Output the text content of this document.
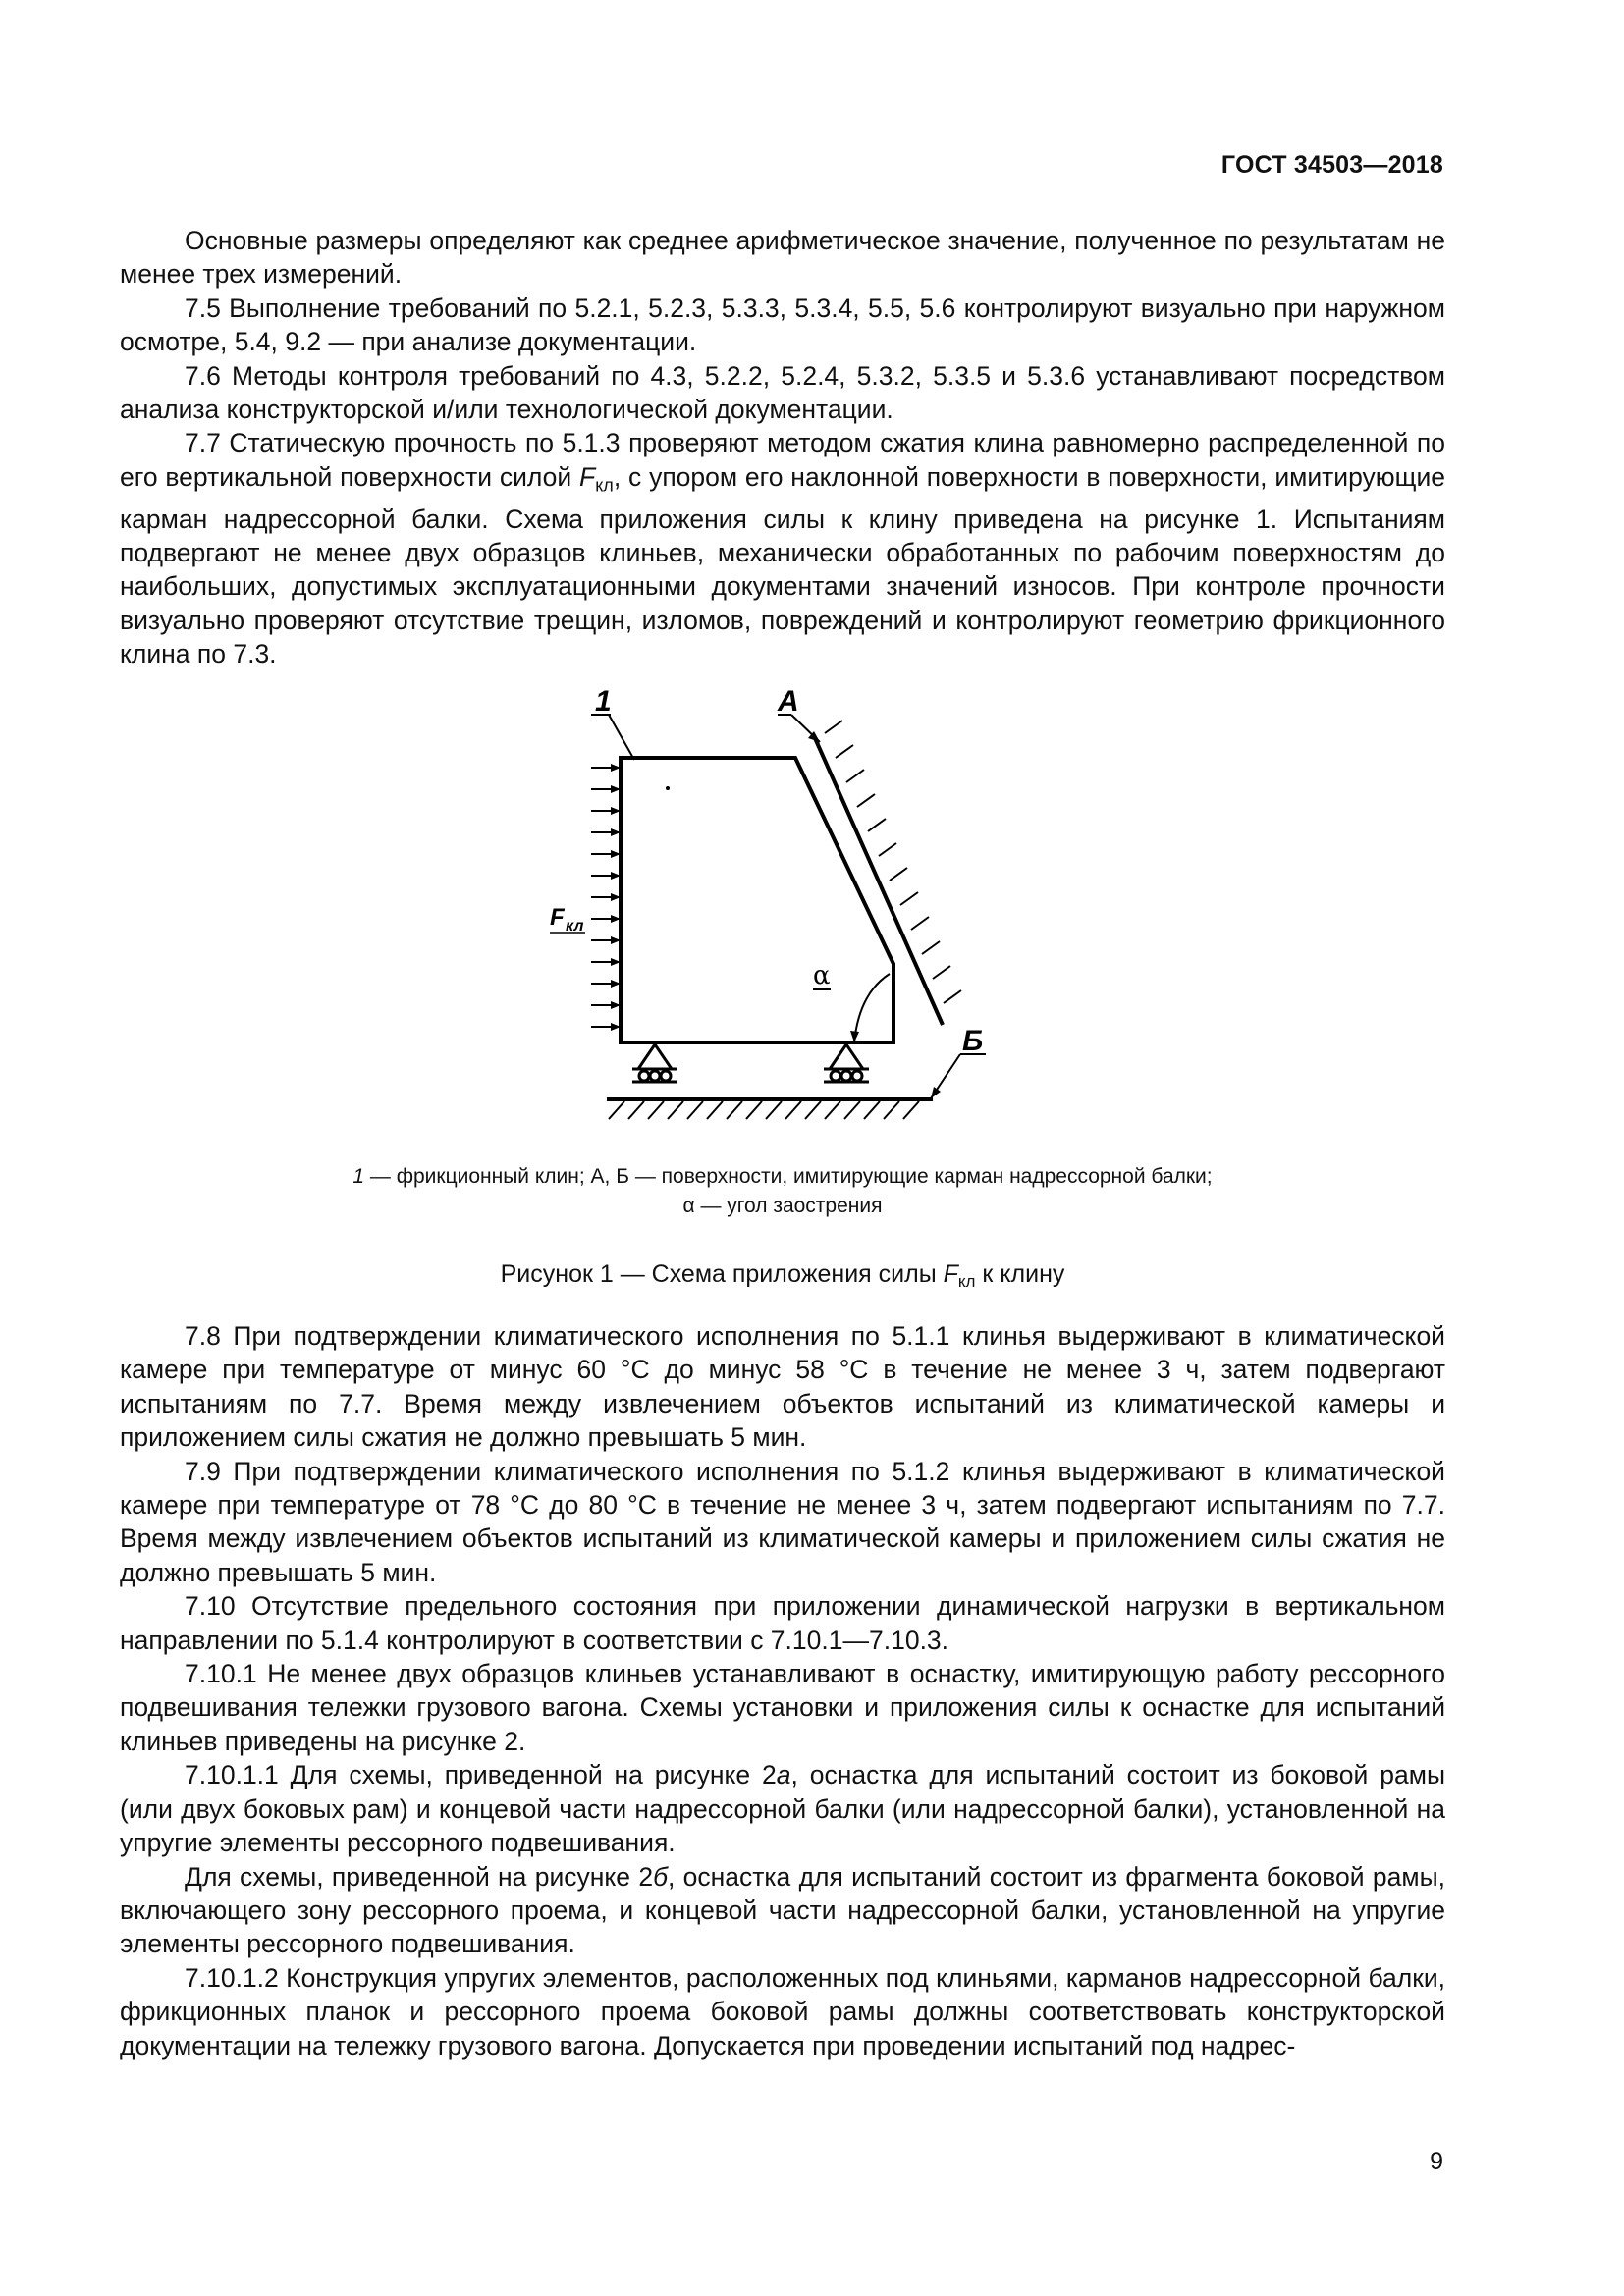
ГОСТ 34503—2018

Основные размеры определяют как среднее арифметическое значение, полученное по результатам не менее трех измерений.

7.5 Выполнение требований по 5.2.1, 5.2.3, 5.3.3, 5.3.4, 5.5, 5.6 контролируют визуально при наружном осмотре, 5.4, 9.2 — при анализе документации.

7.6 Методы контроля требований по 4.3, 5.2.2, 5.2.4, 5.3.2, 5.3.5 и 5.3.6 устанавливают посредством анализа конструкторской и/или технологической документации.

7.7 Статическую прочность по 5.1.3 проверяют методом сжатия клина равномерно распределенной по его вертикальной поверхности силой $F_{кл}$, с упором его наклонной поверхности в поверхности, имитирующие карман надрессорной балки. Схема приложения силы к клину приведена на рисунке 1. Испытаниям подвергают не менее двух образцов клиньев, механически обработанных по рабочим поверхностям до наибольших, допустимых эксплуатационными документами значений износов. При контроле прочности визуально проверяют отсутствие трещин, изломов, повреждений и контролируют геометрию фрикционного клина по 7.3.

1	А
Б
F кл
α
1 — фрикционный клин; А, Б — поверхности, имитирующие карман надрессорной балки;
α — угол заострения
Рисунок 1 — Схема приложения силы $F_{кл}$ к клину

7.8 При подтверждении климатического исполнения по 5.1.1 клинья выдерживают в климатической камере при температуре от минус 60 °С до минус 58 °С в течение не менее 3 ч, затем подвергают испытаниям по 7.7. Время между извлечением объектов испытаний из климатической камеры и приложением силы сжатия не должно превышать 5 мин.

7.9 При подтверждении климатического исполнения по 5.1.2 клинья выдерживают в климатической камере при температуре от 78 °С до 80 °С в течение не менее 3 ч, затем подвергают испытаниям по 7.7. Время между извлечением объектов испытаний из климатической камеры и приложением силы сжатия не должно превышать 5 мин.

7.10 Отсутствие предельного состояния при приложении динамической нагрузки в вертикальном направлении по 5.1.4 контролируют в соответствии с 7.10.1—7.10.3.

7.10.1 Не менее двух образцов клиньев устанавливают в оснастку, имитирующую работу рессорного подвешивания тележки грузового вагона. Схемы установки и приложения силы к оснастке для испытаний клиньев приведены на рисунке 2.

7.10.1.1 Для схемы, приведенной на рисунке 2а, оснастка для испытаний состоит из боковой рамы (или двух боковых рам) и концевой части надрессорной балки (или надрессорной балки), установленной на упругие элементы рессорного подвешивания.

Для схемы, приведенной на рисунке 2б, оснастка для испытаний состоит из фрагмента боковой рамы, включающего зону рессорного проема, и концевой части надрессорной балки, установленной на упругие элементы рессорного подвешивания.

7.10.1.2 Конструкция упругих элементов, расположенных под клиньями, карманов надрессорной балки, фрикционных планок и рессорного проема боковой рамы должны соответствовать конструкторской документации на тележку грузового вагона. Допускается при проведении испытаний под надрес-

9
